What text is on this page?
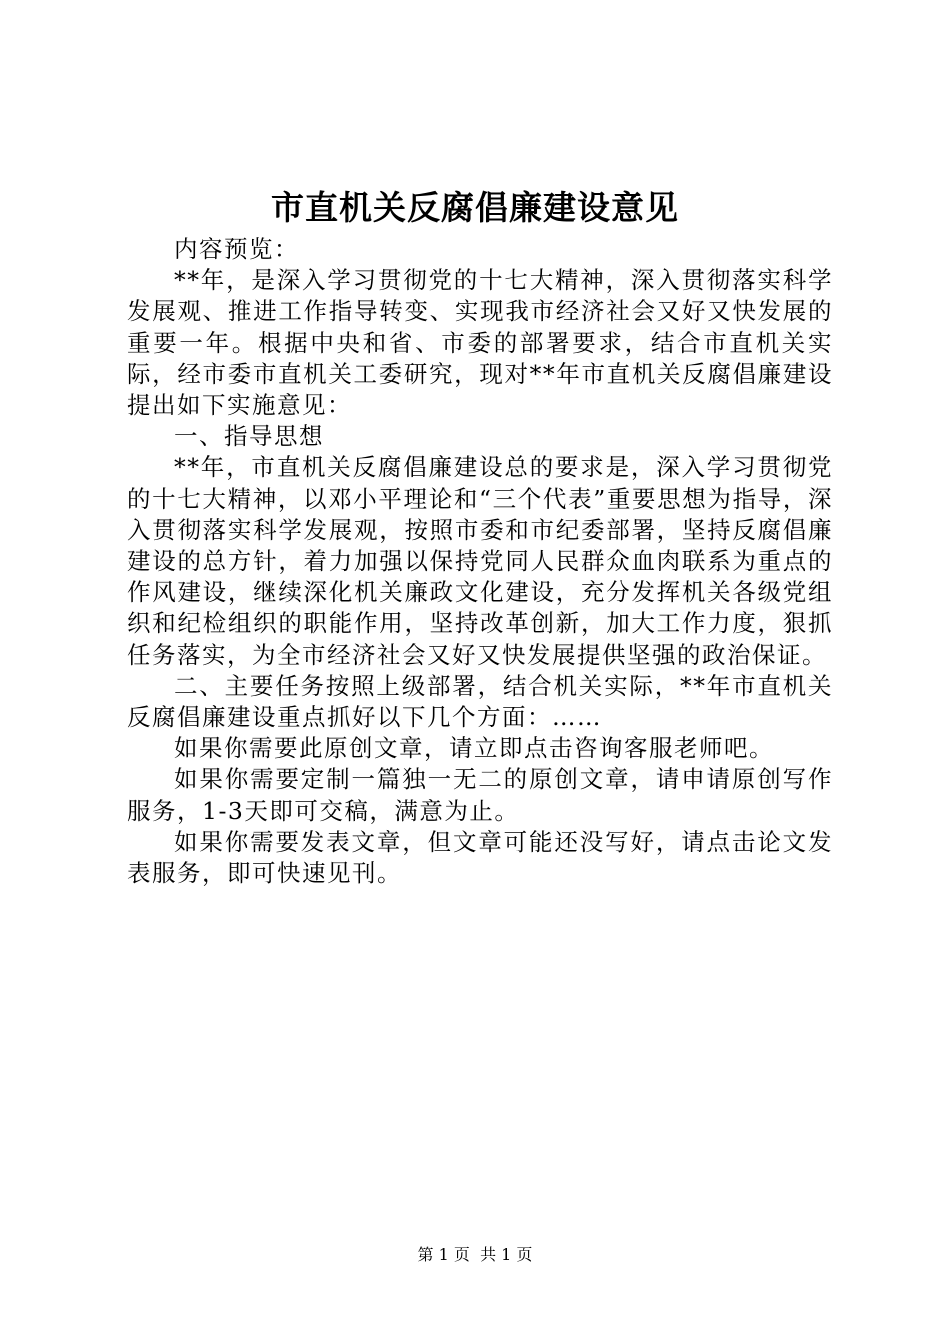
市直机关反腐倡廉建设意见

内容预览：

**年，是深入学习贯彻党的十七大精神，深入贯彻落实科学发展观、推进工作指导转变、实现我市经济社会又好又快发展的重要一年。根据中央和省、市委的部署要求，结合市直机关实际，经市委市直机关工委研究，现对**年市直机关反腐倡廉建设提出如下实施意见：

一、指导思想

**年，市直机关反腐倡廉建设总的要求是，深入学习贯彻党的十七大精神，以邓小平理论和“三个代表”重要思想为指导，深入贯彻落实科学发展观，按照市委和市纪委部署，坚持反腐倡廉建设的总方针，着力加强以保持党同人民群众血肉联系为重点的作风建设，继续深化机关廉政文化建设，充分发挥机关各级党组织和纪检组织的职能作用，坚持改革创新，加大工作力度，狠抓任务落实，为全市经济社会又好又快发展提供坚强的政治保证。

二、主要任务按照上级部署，结合机关实际，**年市直机关反腐倡廉建设重点抓好以下几个方面：……

如果你需要此原创文章，请立即点击咨询客服老师吧。

如果你需要定制一篇独一无二的原创文章，请申请原创写作服务，1-3天即可交稿，满意为止。

如果你需要发表文章，但文章可能还没写好，请点击论文发表服务，即可快速见刊。

第 1 页 共 1 页
